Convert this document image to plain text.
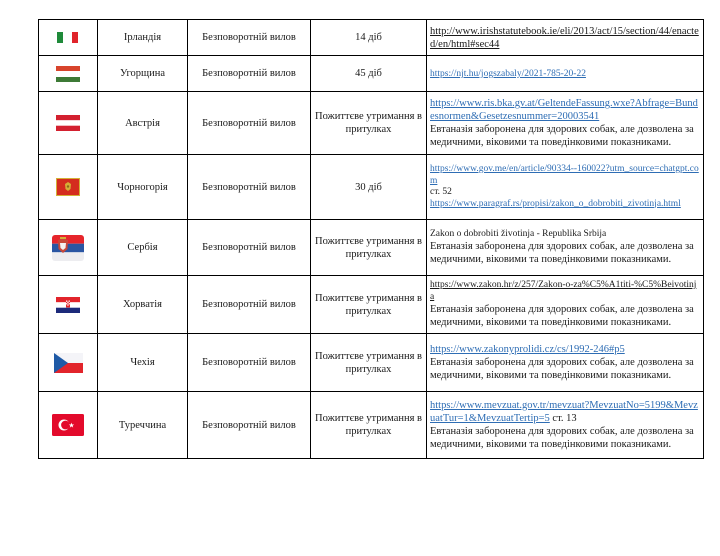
	Ірландія	Безповоротній вилов	14 діб	http://www.irishstatutebook.ie/eli/2013/act/15/section/44/enacted/en/html#sec44
	Угорщина	Безповоротній вилов	45 діб	https://njt.hu/jogszabaly/2021-785-20-22
	Австрія	Безповоротній вилов	Пожиттєве утримання в притулках	https://www.ris.bka.gv.at/GeltendeFassung.wxe?Abfrage=Bundesnormen&Gesetzesnummer=20003541
Евтаназія заборонена для здорових собак, але дозволена за медичними, віковими та поведінковими показниками.

	Чорногорія	Безповоротній вилов	30 діб	https://www.gov.me/en/article/90334--160022?utm_source=chatgpt.com
ст. 52
https://www.paragraf.rs/propisi/zakon_o_dobrobiti_zivotinja.html
	Сербія	Безповоротній вилов	Пожиттєве утримання в притулках	Zakon o dobrobiti životinja - Republika Srbija
Евтаназія заборонена для здорових собак, але дозволена за медичними, віковими та поведінковими показниками.

	Хорватія	Безповоротній вилов	Пожиттєве утримання в притулках	https://www.zakon.hr/z/257/Zakon-o-za%C5%A1titi-%C5%Beivotinja
Евтаназія заборонена для здорових собак, але дозволена за медичними, віковими та поведінковими показниками.

	Чехія	Безповоротній вилов	Пожиттєве утримання в притулках	https://www.zakonyprolidi.cz/cs/1992-246#p5
Евтаназія заборонена для здорових собак, але дозволена за медичними, віковими та поведінковими показниками.

	Туреччина	Безповоротній вилов	Пожиттєве утримання в притулках	https://www.mevzuat.gov.tr/mevzuat?MevzuatNo=5199&MevzuatTur=1&MevzuatTertip=5 ст. 13
Евтаназія заборонена для здорових собак, але дозволена за медичними, віковими та поведінковими показниками.
